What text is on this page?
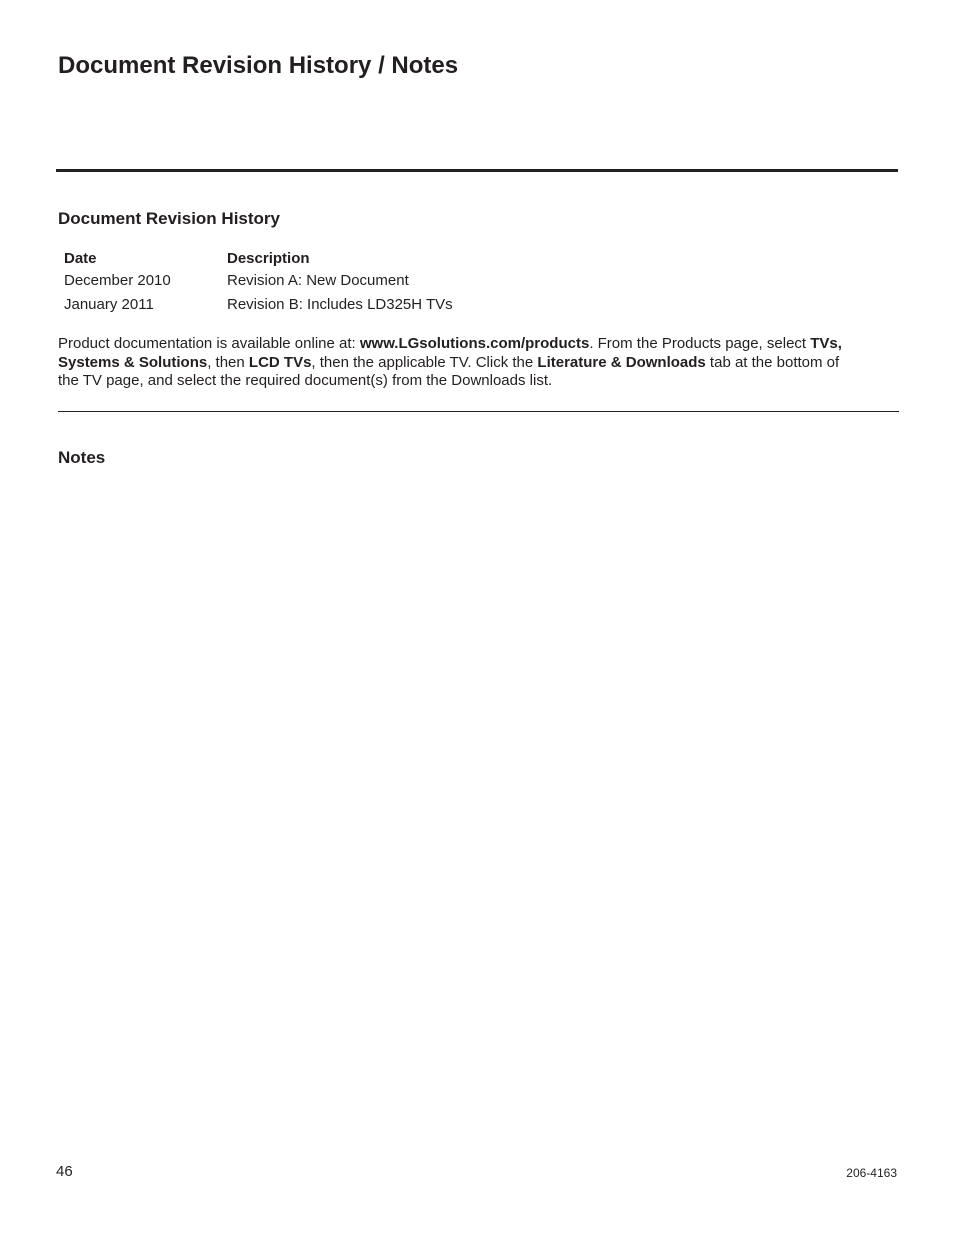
Document Revision History / Notes
Document Revision History
Date	Description
December 2010	Revision A: New Document
January 2011	Revision B: Includes LD325H TVs

Product documentation is available online at: www.LGsolutions.com/products. From the Products page, select TVs, Systems & Solutions, then LCD TVs, then the applicable TV. Click the Literature & Downloads tab at the bottom of the TV page, and select the required document(s) from the Downloads list.

Notes
46	206-4163
